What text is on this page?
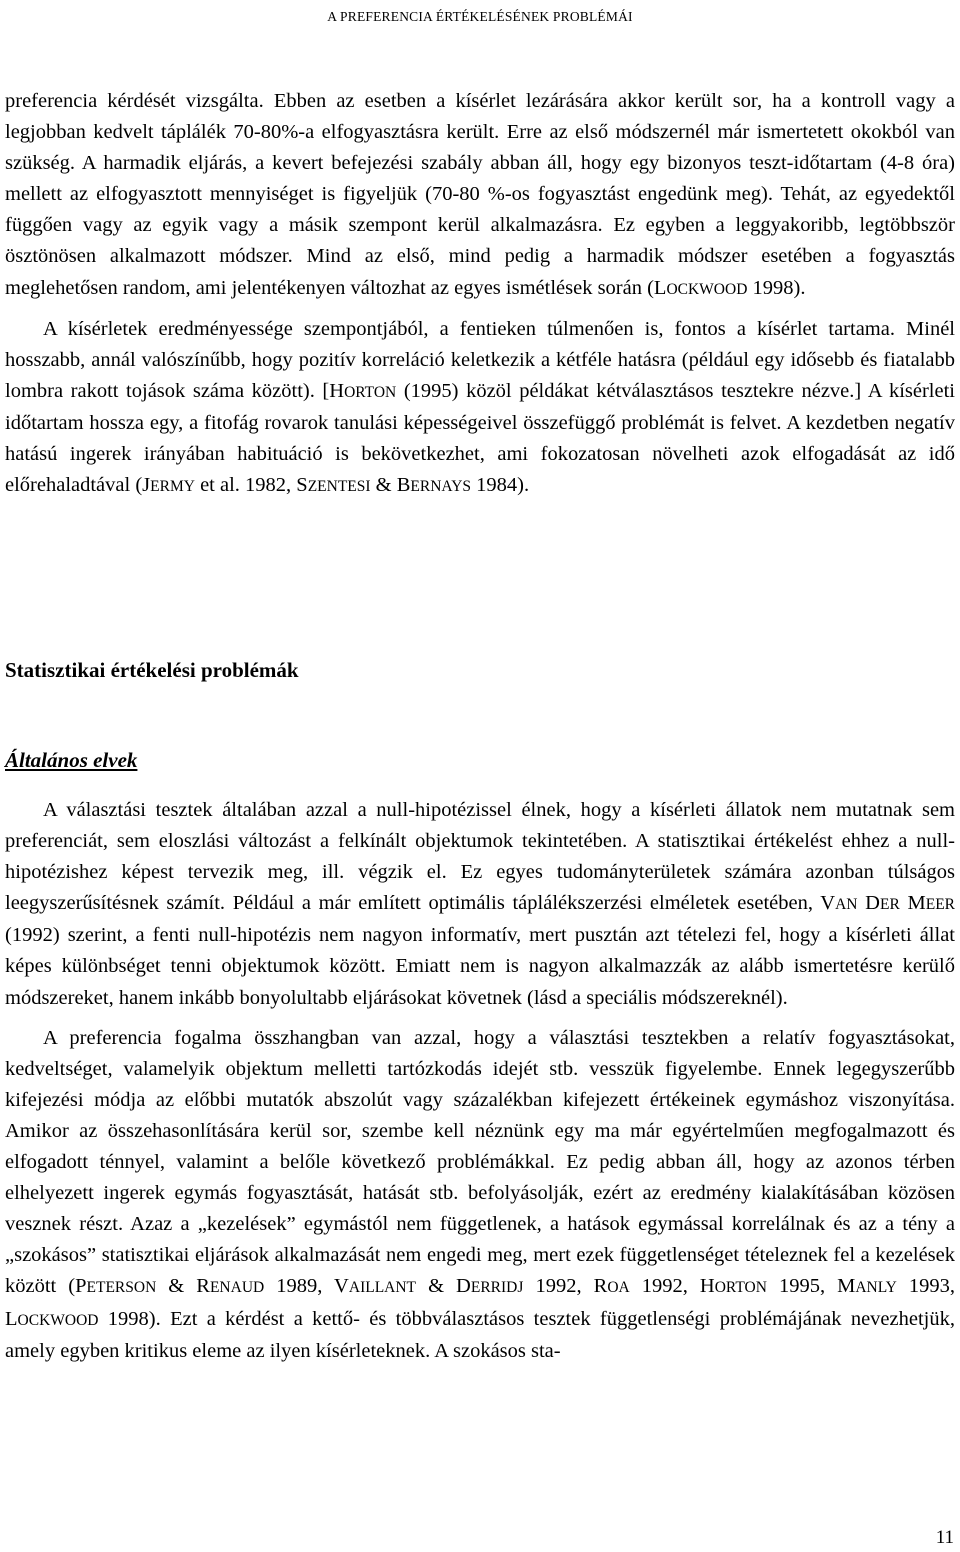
A PREFERENCIA ÉRTÉKELÉSÉNEK PROBLÉMÁI

preferencia kérdését vizsgálta. Ebben az esetben a kísérlet lezárására akkor került sor, ha a kontroll vagy a legjobban kedvelt táplálék 70-80%-a elfogyasztásra került. Erre az első módszernél már ismertetett okokból van szükség. A harmadik eljárás, a kevert befejezési szabály abban áll, hogy egy bizonyos teszt-időtartam (4-8 óra) mellett az elfogyasztott mennyiséget is figyeljük (70-80 %-os fogyasztást engedünk meg). Tehát, az egyedektől függően vagy az egyik vagy a másik szempont kerül alkalmazásra. Ez egyben a leggyakoribb, legtöbbször ösztönösen alkalmazott módszer. Mind az első, mind pedig a harmadik módszer esetében a fogyasztás meglehetősen random, ami jelentékenyen változhat az egyes ismétlések során (LOCKWOOD 1998).

A kísérletek eredményessége szempontjából, a fentieken túlmenően is, fontos a kísérlet tartama. Minél hosszabb, annál valószínűbb, hogy pozitív korreláció keletkezik a kétféle hatásra (például egy idősebb és fiatalabb lombra rakott tojások száma között). [HORTON (1995) közöl példákat kétválasztásos tesztekre nézve.] A kísérleti időtartam hossza egy, a fitofág rovarok tanulási képességeivel összefüggő problémát is felvet. A kezdetben negatív hatású ingerek irányában habituáció is bekövetkezhet, ami fokozatosan növelheti azok elfogadását az idő előrehaladtával (JERMY et al. 1982, SZENTESI & BERNAYS 1984).

Statisztikai értékelési problémák
Általános elvek

A választási tesztek általában azzal a null-hipotézissel élnek, hogy a kísérleti állatok nem mutatnak sem preferenciát, sem eloszlási változást a felkínált objektumok tekintetében. A statisztikai értékelést ehhez a null-hipotézishez képest tervezik meg, ill. végzik el. Ez egyes tudományterületek számára azonban túlságos leegyszerűsítésnek számít. Például a már említett optimális táplálékszerzési elméletek esetében, VAN DER MEER (1992) szerint, a fenti null-hipotézis nem nagyon informatív, mert pusztán azt tételezi fel, hogy a kísérleti állat képes különbséget tenni objektumok között. Emiatt nem is nagyon alkalmazzák az alább ismertetésre kerülő módszereket, hanem inkább bonyolultabb eljárásokat követnek (lásd a speciális módszereknél).

A preferencia fogalma összhangban van azzal, hogy a választási tesztekben a relatív fogyasztásokat, kedveltséget, valamelyik objektum melletti tartózkodás idejét stb. vesszük figyelembe. Ennek legegyszerűbb kifejezési módja az előbbi mutatók abszolút vagy százalékban kifejezett értékeinek egymáshoz viszonyítása. Amikor az összehasonlítására kerül sor, szembe kell néznünk egy ma már egyértelműen megfogalmazott és elfogadott ténnyel, valamint a belőle következő problémákkal. Ez pedig abban áll, hogy az azonos térben elhelyezett ingerek egymás fogyasztását, hatását stb. befolyásolják, ezért az eredmény kialakításában közösen vesznek részt. Azaz a „kezelések” egymástól nem függetlenek, a hatások egymással korrelálnak és az a tény a „szokásos” statisztikai eljárások alkalmazását nem engedi meg, mert ezek függetlenséget tételeznek fel a kezelések között (PETERSON & RENAUD 1989, VAILLANT & DERRIDJ 1992, ROA 1992, HORTON 1995, MANLY 1993, LOCKWOOD 1998). Ezt a kérdést a kettő- és többválasztásos tesztek függetlenségi problémájának nevezhetjük, amely egyben kritikus eleme az ilyen kísérleteknek. A szokásos sta-

11
